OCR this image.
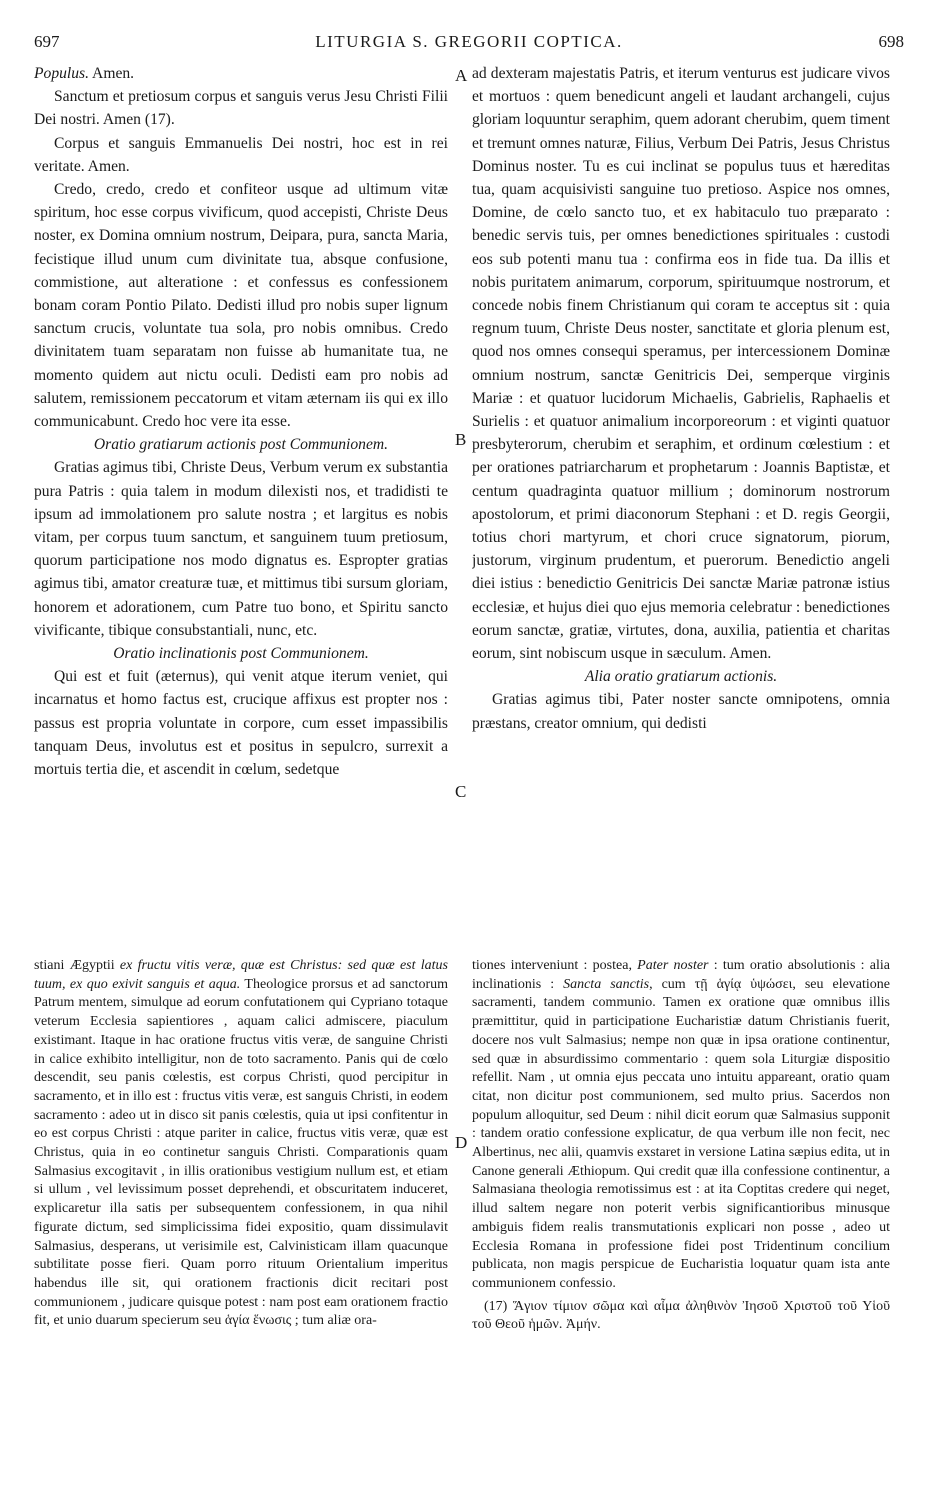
697	LITURGIA S. GREGORII COPTICA.	698
A
B
C
D

Populus. Amen.

Sanctum et pretiosum corpus et sanguis verus Jesu Christi Filii Dei nostri. Amen (17).

Corpus et sanguis Emmanuelis Dei nostri, hoc est in rei veritate. Amen.

Credo, credo, credo et confiteor usque ad ultimum vitæ spiritum, hoc esse corpus vivificum, quod accepisti, Christe Deus noster, ex Domina omnium nostrum, Deipara, pura, sancta Maria, fecistique illud unum cum divinitate tua, absque confusione, commistione, aut alteratione : et confessus es confessionem bonam coram Pontio Pilato. Dedisti illud pro nobis super lignum sanctum crucis, voluntate tua sola, pro nobis omnibus. Credo divinitatem tuam separatam non fuisse ab humanitate tua, ne momento quidem aut nictu oculi. Dedisti eam pro nobis ad salutem, remissionem peccatorum et vitam æternam iis qui ex illo communicabunt. Credo hoc vere ita esse.

Oratio gratiarum actionis post Communionem.

Gratias agimus tibi, Christe Deus, Verbum verum ex substantia pura Patris : quia talem in modum dilexisti nos, et tradidisti te ipsum ad immolationem pro salute nostra ; et largitus es nobis vitam, per corpus tuum sanctum, et sanguinem tuum pretiosum, quorum participatione nos modo dignatus es. Espropter gratias agimus tibi, amator creaturæ tuæ, et mittimus tibi sursum gloriam, honorem et adorationem, cum Patre tuo bono, et Spiritu sancto vivificante, tibique consubstantiali, nunc, etc.

Oratio inclinationis post Communionem.

Qui est et fuit (æternus), qui venit atque iterum veniet, qui incarnatus et homo factus est, crucique affixus est propter nos : passus est propria voluntate in corpore, cum esset impassibilis tanquam Deus, involutus est et positus in sepulcro, surrexit a mortuis tertia die, et ascendit in cœlum, sedetque

ad dexteram majestatis Patris, et iterum venturus est judicare vivos et mortuos : quem benedicunt angeli et laudant archangeli, cujus gloriam loquuntur seraphim, quem adorant cherubim, quem timent et tremunt omnes naturæ, Filius, Verbum Dei Patris, Jesus Christus Dominus noster. Tu es cui inclinat se populus tuus et hæreditas tua, quam acquisivisti sanguine tuo pretioso. Aspice nos omnes, Domine, de cœlo sancto tuo, et ex habitaculo tuo præparato : benedic servis tuis, per omnes benedictiones spirituales : custodi eos sub potenti manu tua : confirma eos in fide tua. Da illis et nobis puritatem animarum, corporum, spirituumque nostrorum, et concede nobis finem Christianum qui coram te acceptus sit : quia regnum tuum, Christe Deus noster, sanctitate et gloria plenum est, quod nos omnes consequi speramus, per intercessionem Dominæ omnium nostrum, sanctæ Genitricis Dei, semperque virginis Mariæ : et quatuor lucidorum Michaelis, Gabrielis, Raphaelis et Surielis : et quatuor animalium incorporeorum : et viginti quatuor presbyterorum, cherubim et seraphim, et ordinum cœlestium : et per orationes patriarcharum et prophetarum : Joannis Baptistæ, et centum quadraginta quatuor millium ; dominorum nostrorum apostolorum, et primi diaconorum Stephani : et D. regis Georgii, totius chori martyrum, et chori cruce signatorum, piorum, justorum, virginum prudentum, et puerorum. Benedictio angeli diei istius : benedictio Genitricis Dei sanctæ Mariæ patronæ istius ecclesiæ, et hujus diei quo ejus memoria celebratur : benedictiones eorum sanctæ, gratiæ, virtutes, dona, auxilia, patientia et charitas eorum, sint nobiscum usque in sæculum. Amen.

Alia oratio gratiarum actionis.

Gratias agimus tibi, Pater noster sancte omnipotens, omnia præstans, creator omnium, qui dedisti

stiani Ægyptii ex fructu vitis veræ, quæ est Christus: sed quæ est latus tuum, ex quo exivit sanguis et aqua. Theologice prorsus et ad sanctorum Patrum mentem, simulque ad eorum confutationem qui Cypriano totaque veterum Ecclesia sapientiores , aquam calici admiscere, piaculum existimant. Itaque in hac oratione fructus vitis veræ, de sanguine Christi in calice exhibito intelligitur, non de toto sacramento. Panis qui de cœlo descendit, seu panis cœlestis, est corpus Christi, quod percipitur in sacramento, et in illo est : fructus vitis veræ, est sanguis Christi, in eodem sacramento : adeo ut in disco sit panis cœlestis, quia ut ipsi confitentur in eo est corpus Christi : atque pariter in calice, fructus vitis veræ, quæ est Christus, quia in eo continetur sanguis Christi. Comparationis quam Salmasius excogitavit , in illis orationibus vestigium nullum est, et etiam si ullum , vel levissimum posset deprehendi, et obscuritatem induceret, explicaretur illa satis per subsequentem confessionem, in qua nihil figurate dictum, sed simplicissima fidei expositio, quam dissimulavit Salmasius, desperans, ut verisimile est, Calvinisticam illam quacunque subtilitate posse fieri. Quam porro rituum Orientalium imperitus habendus ille sit, qui orationem fractionis dicit recitari post communionem , judicare quisque potest : nam post eam orationem fractio fit, et unio duarum specierum seu ἁγία ἕνωσις ; tum aliæ ora-

tiones interveniunt : postea, Pater noster : tum oratio absolutionis : alia inclinationis : Sancta sanctis, cum τῇ ἁγίᾳ ὑψώσει, seu elevatione sacramenti, tandem communio. Tamen ex oratione quæ omnibus illis præmittitur, quid in participatione Eucharistiæ datum Christianis fuerit, docere nos vult Salmasius; nempe non quæ in ipsa oratione continentur, sed quæ in absurdissimo commentario : quem sola Liturgiæ dispositio refellit. Nam , ut omnia ejus peccata uno intuitu appareant, oratio quam citat, non dicitur post communionem, sed multo prius. Sacerdos non populum alloquitur, sed Deum : nihil dicit eorum quæ Salmasius supponit : tandem oratio confessione explicatur, de qua verbum ille non fecit, nec Albertinus, nec alii, quamvis exstaret in versione Latina sæpius edita, ut in Canone generali Æthiopum. Qui credit quæ illa confessione continentur, a Salmasiana theologia remotissimus est : at ita Coptitas credere qui neget, illud saltem negare non poterit verbis significantioribus minusque ambiguis fidem realis transmutationis explicari non posse , adeo ut Ecclesia Romana in professione fidei post Tridentinum concilium publicata, non magis perspicue de Eucharistia loquatur quam ista ante communionem confessio.

(17) Ἅγιον τίμιον σῶμα καὶ αἷμα ἀληθινὸν Ἰησοῦ Χριστοῦ τοῦ Υἱοῦ τοῦ Θεοῦ ἡμῶν. Ἀμήν.
